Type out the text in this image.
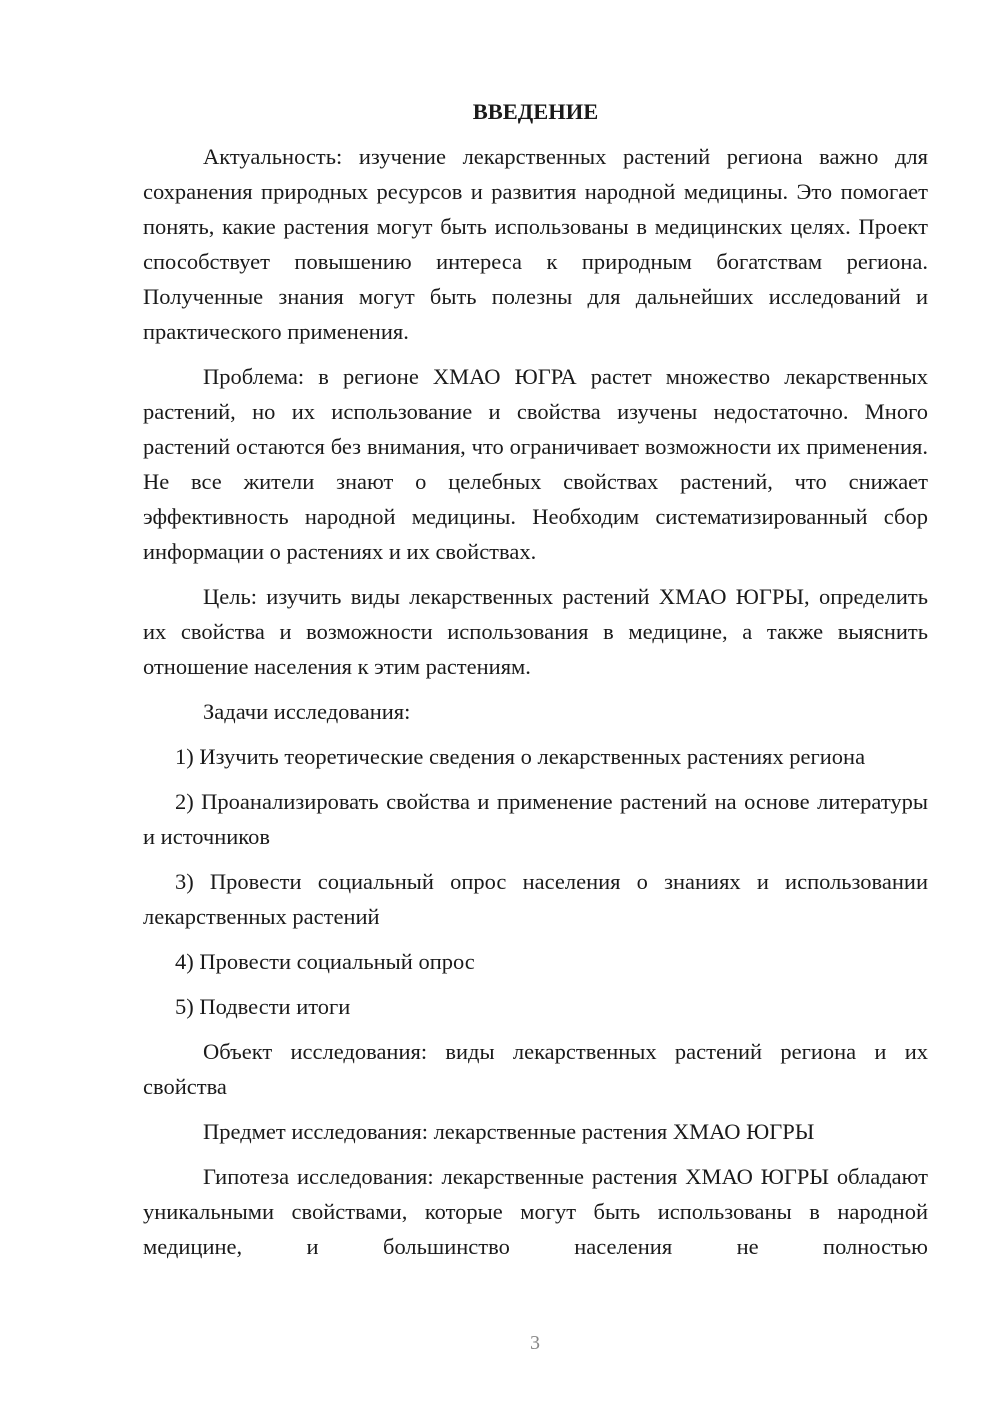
ВВЕДЕНИЕ

Актуальность: изучение лекарственных растений региона важно для сохранения природных ресурсов и развития народной медицины. Это помогает понять, какие растения могут быть использованы в медицинских целях. Проект способствует повышению интереса к природным богатствам региона. Полученные знания могут быть полезны для дальнейших исследований и практического применения.

Проблема: в регионе ХМАО ЮГРА растет множество лекарственных растений, но их использование и свойства изучены недостаточно. Много растений остаются без внимания, что ограничивает возможности их применения. Не все жители знают о целебных свойствах растений, что снижает эффективность народной медицины. Необходим систематизированный сбор информации о растениях и их свойствах.

Цель: изучить виды лекарственных растений ХМАО ЮГРЫ, определить их свойства и возможности использования в медицине, а также выяснить отношение населения к этим растениям.

Задачи исследования:

1) Изучить теоретические сведения о лекарственных растениях региона

2) Проанализировать свойства и применение растений на основе литературы и источников

3) Провести социальный опрос населения о знаниях и использовании лекарственных растений

4) Провести социальный опрос

5) Подвести итоги

Объект исследования: виды лекарственных растений региона и их свойства

Предмет исследования: лекарственные растения ХМАО ЮГРЫ

Гипотеза исследования: лекарственные растения ХМАО ЮГРЫ обладают уникальными свойствами, которые могут быть использованы в народной медицине, и большинство населения не полностью

3
